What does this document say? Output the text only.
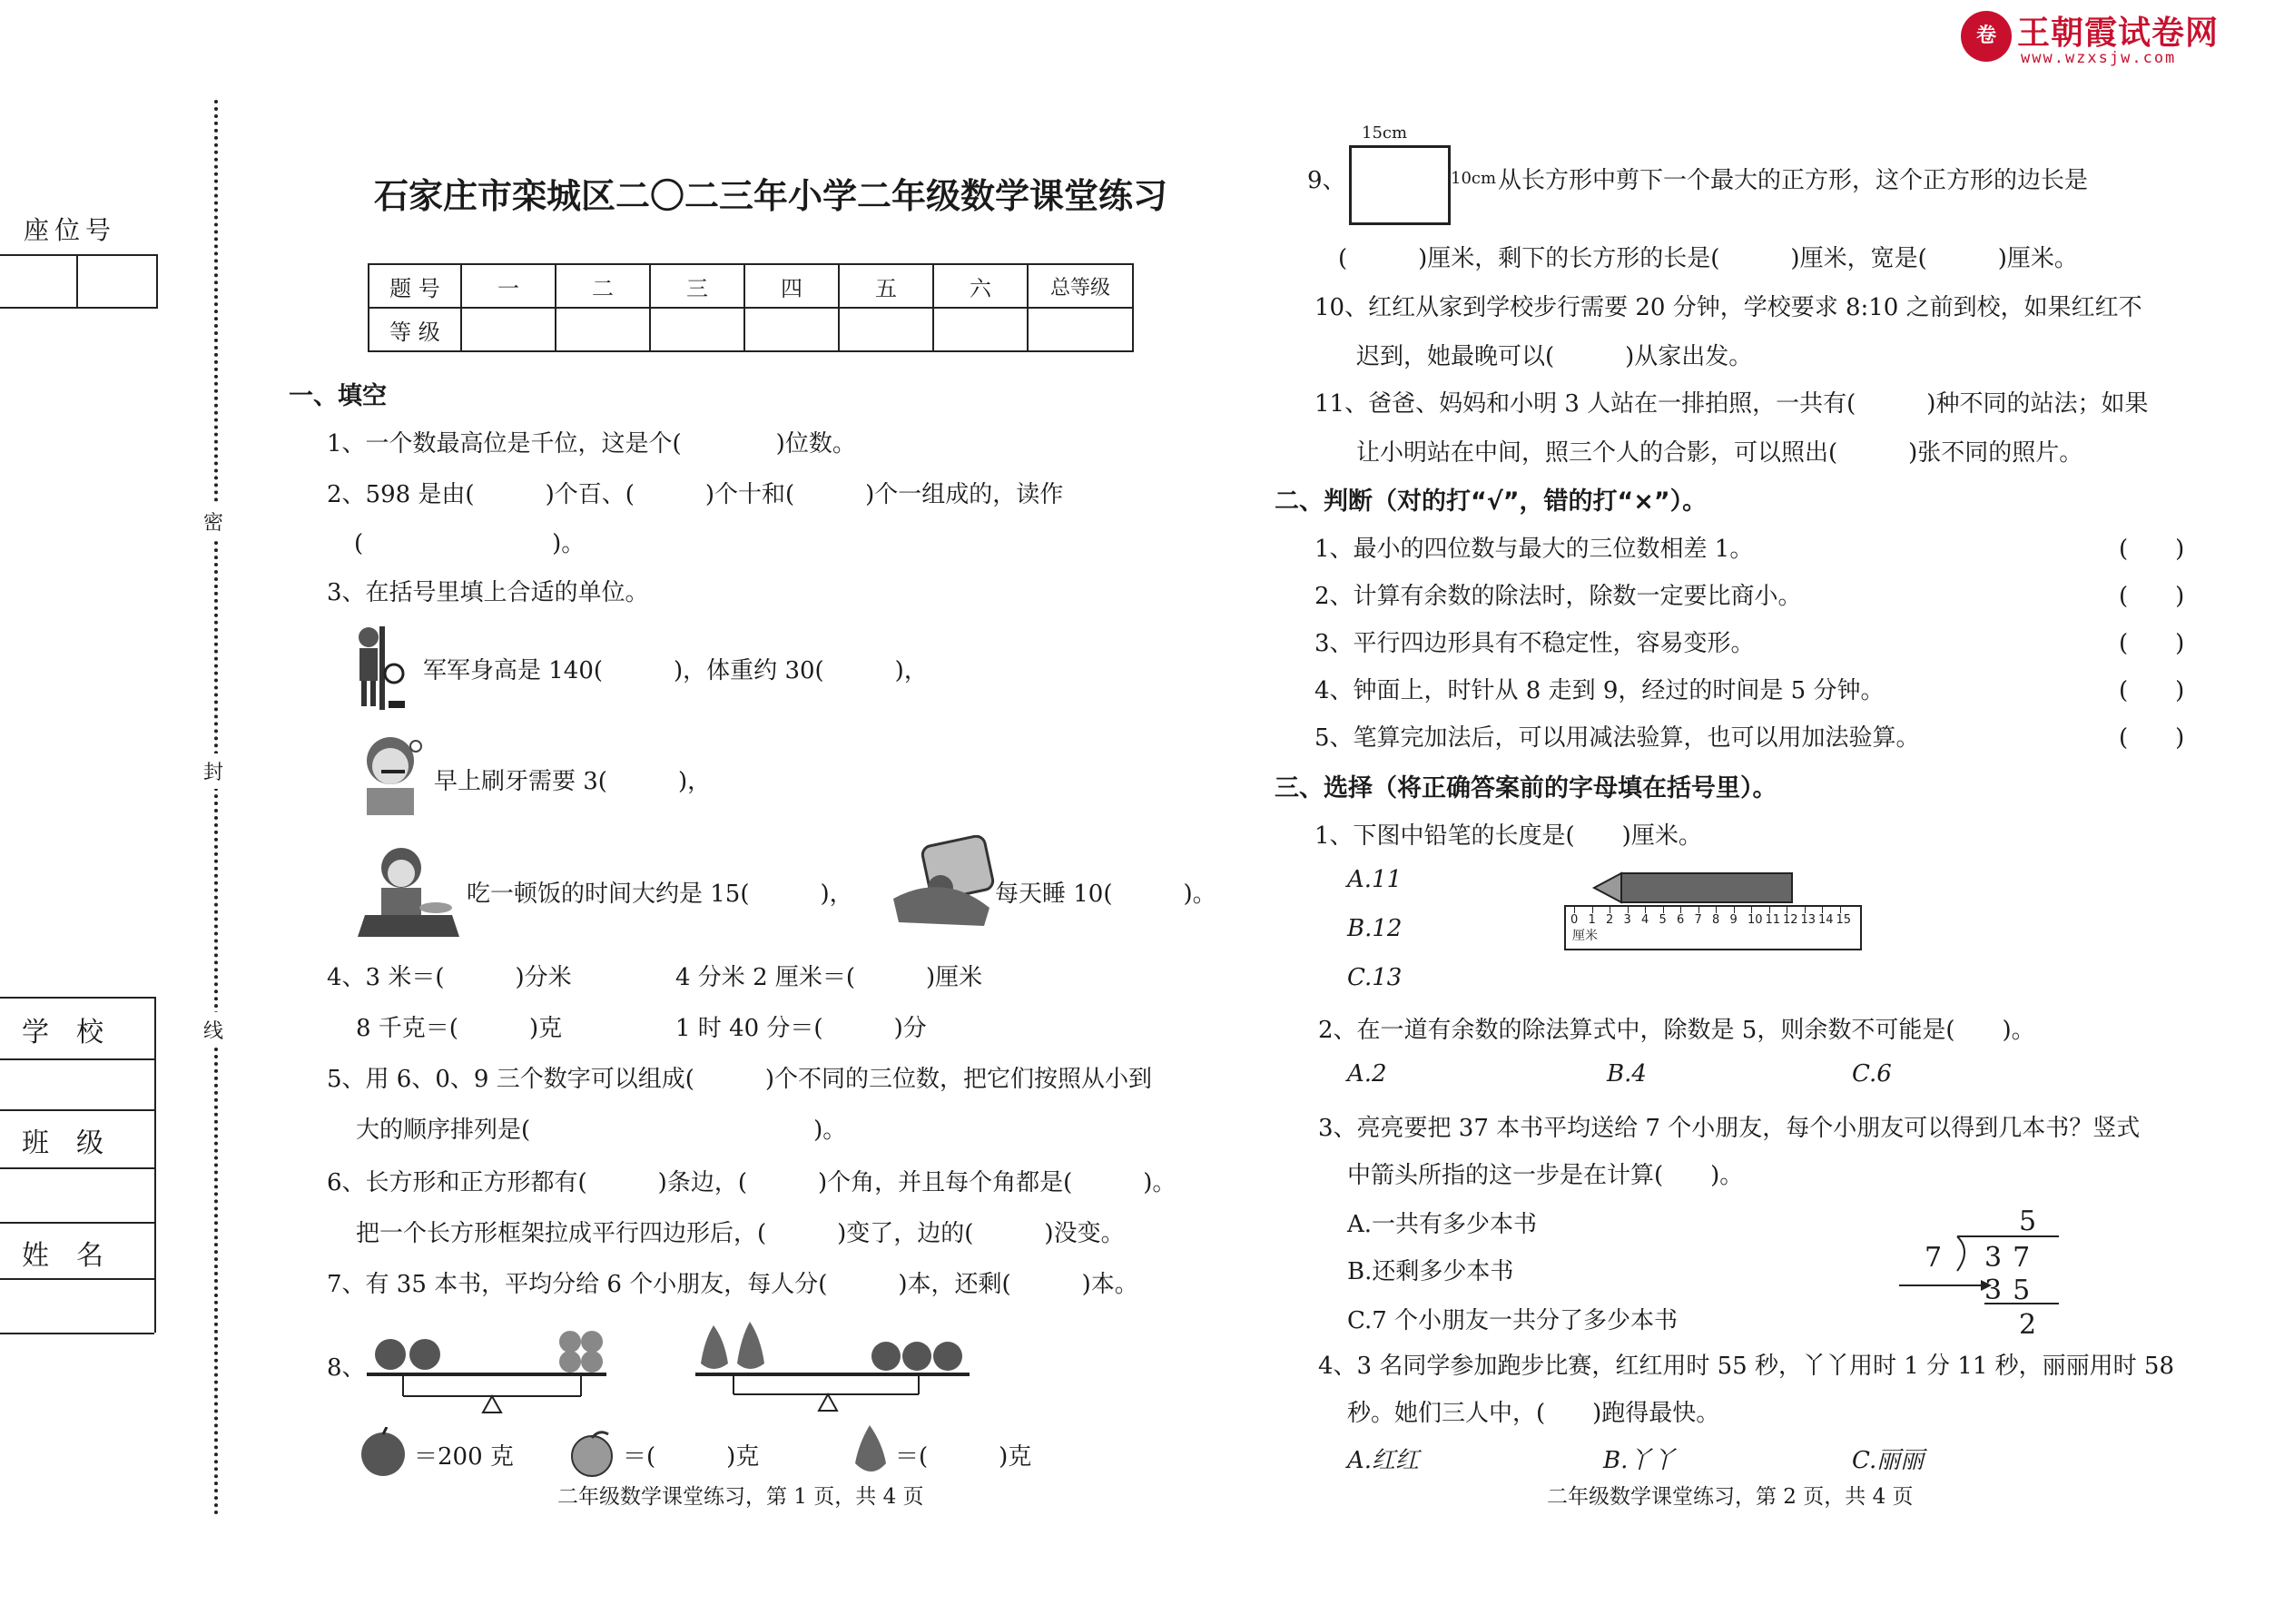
卷 王朝霞试卷网
www.wzxsjw.com
密
封
线
座位号
学校
班级
姓名
石家庄市栾城区二〇二三年小学二年级数学课堂练习
题 号	一	二	三	四	五	六	总等级
等 级							
一、填空
1、一个数最高位是千位，这是个(　　　　)位数。
2、598 是由(　　　)个百、(　　　)个十和(　　　)个一组成的，读作
(　　　　　　　　)。
3、在括号里填上合适的单位。
军军身高是 140(　　　)，体重约 30(　　　)，
早上刷牙需要 3(　　　)，
吃一顿饭的时间大约是 15(　　　)，	每天睡 10(　　　)。
4、3 米＝(　　　)分米	4 分米 2 厘米＝(　　　)厘米
8 千克＝(　　　)克	1 时 40 分＝(　　　)分
5、用 6、0、9 三个数字可以组成(　　　)个不同的三位数，把它们按照从小到
大的顺序排列是(　　　　　　　　　　　　)。
6、长方形和正方形都有(　　　)条边，(　　　)个角，并且每个角都是(　　　)。
把一个长方形框架拉成平行四边形后，(　　　)变了，边的(　　　)没变。
7、有 35 本书，平均分给 6 个小朋友，每人分(　　　)本，还剩(　　　)本。
8、
＝200 克	＝(　　　)克	＝(　　　)克
二年级数学课堂练习，第 1 页，共 4 页
9、
15cm
10cm 从长方形中剪下一个最大的正方形，这个正方形的边长是
(　　　)厘米，剩下的长方形的长是(　　　)厘米，宽是(　　　)厘米。
10、红红从家到学校步行需要 20 分钟，学校要求 8:10 之前到校，如果红红不
迟到，她最晚可以(　　　)从家出发。
11、爸爸、妈妈和小明 3 人站在一排拍照，一共有(　　　)种不同的站法；如果
让小明站在中间，照三个人的合影，可以照出(　　　)张不同的照片。
二、判断（对的打“√”，错的打“×”）。
1、最小的四位数与最大的三位数相差 1。	(　　)
2、计算有余数的除法时，除数一定要比商小。	(　　)
3、平行四边形具有不稳定性，容易变形。	(　　)
4、钟面上，时针从 8 走到 9，经过的时间是 5 分钟。	(　　)
5、笔算完加法后，可以用减法验算，也可以用加法验算。	(　　)
三、选择（将正确答案前的字母填在括号里）。
1、下图中铅笔的长度是(　　)厘米。
A.11
B.12
C.13
0 1 2 3 4 5 6 7 8 9 10 11 12 13 14 15
厘米
2、在一道有余数的除法算式中，除数是 5，则余数不可能是(　　)。
A.2	B.4	C.6
3、亮亮要把 37 本书平均送给 7 个小朋友，每个小朋友可以得到几本书？竖式
中箭头所指的这一步是在计算(　　)。
A.一共有多少本书
B.还剩多少本书
C.7 个小朋友一共分了多少本书
5
7 37
35
2
4、3 名同学参加跑步比赛，红红用时 55 秒，丫丫用时 1 分 11 秒，丽丽用时 58
秒。她们三人中，(　　)跑得最快。
A.红红	B.丫丫	C.丽丽
二年级数学课堂练习，第 2 页，共 4 页
